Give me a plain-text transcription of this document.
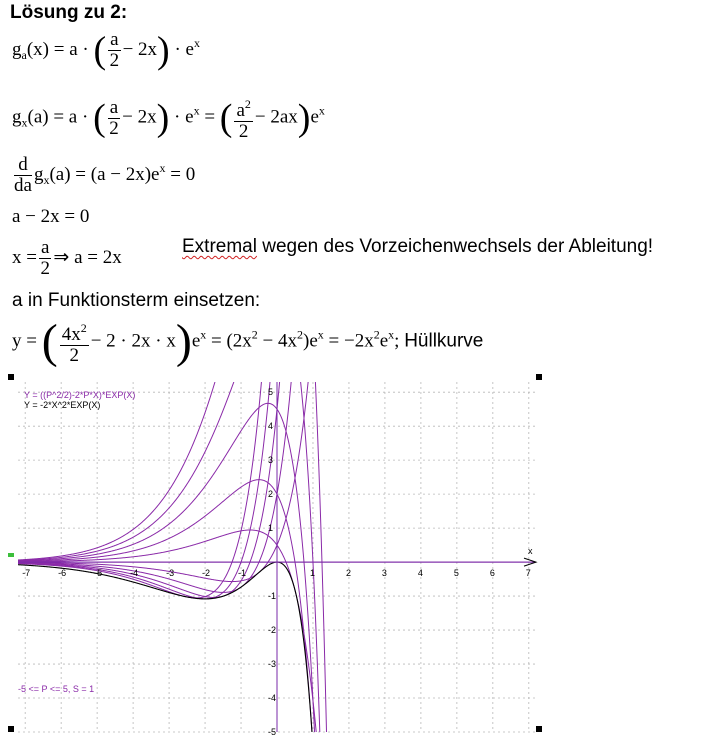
Lösung zu 2:
$g_a(x) = a$ · ( $\frac{a}{2} - 2x) \cdot e^x$
$g_x(a) = a$ · ( $\frac{a}{2} - 2x) \cdot e^x$ = ( $\frac{a^2}{2} - 2ax)e^x$
$\frac{d}{da} g_x(a) = (a - 2x)e^x = 0$
a − 2x = 0
$x = \frac{a}{2}$ ⇒ a = 2x
Extremal wegen des Vorzeichenwechsels der Ableitung!
a in Funktionsterm einsetzen:
y = ( $\frac{4x^2}{2} - 2 \cdot 2x \cdot x)e^x = (2x^2 - 4x^2)e^x = -2x^2e^x$; Hüllkurve
-7	-6	-5	-4	-3	-2	-1	1	2	3	4	5	6	7
-5
-4
-3
-2
-1
1
2
3
4
5
x
Y = ((P^2/2)-2*P*X)*EXP(X)
Y = -2*X^2*EXP(X)
-5 <= P <= 5, S = 1
